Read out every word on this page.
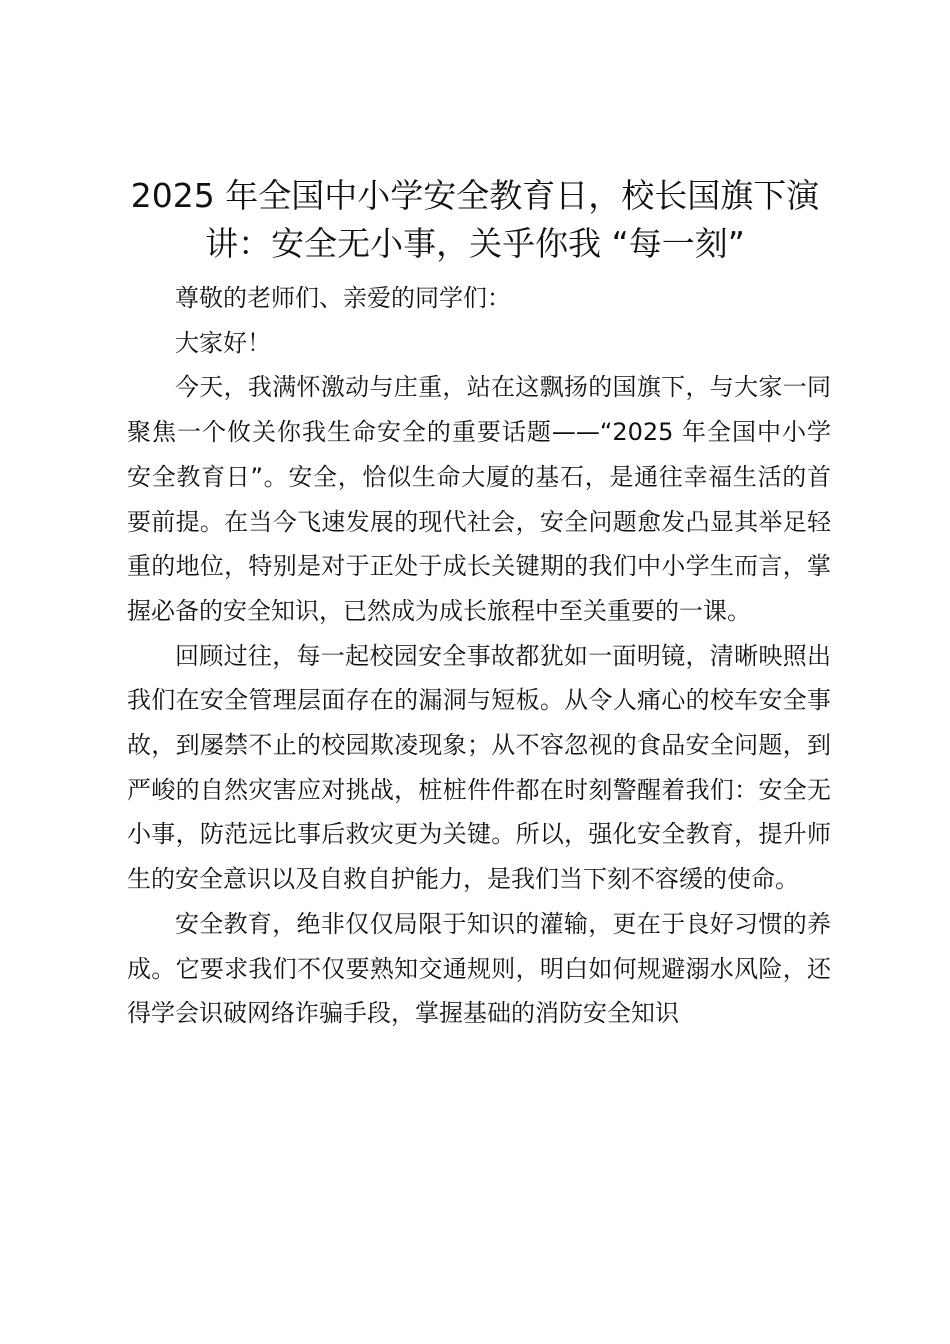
2025 年全国中小学安全教育日，校长国旗下演讲：安全无小事，关乎你我 “每一刻”

尊敬的老师们、亲爱的同学们：

大家好！

今天，我满怀激动与庄重，站在这飘扬的国旗下，与大家一同聚焦一个攸关你我生命安全的重要话题——“2025 年全国中小学安全教育日”。安全，恰似生命大厦的基石，是通往幸福生活的首要前提。在当今飞速发展的现代社会，安全问题愈发凸显其举足轻重的地位，特别是对于正处于成长关键期的我们中小学生而言，掌握必备的安全知识，已然成为成长旅程中至关重要的一课。

回顾过往，每一起校园安全事故都犹如一面明镜，清晰映照出我们在安全管理层面存在的漏洞与短板。从令人痛心的校车安全事故，到屡禁不止的校园欺凌现象；从不容忽视的食品安全问题，到严峻的自然灾害应对挑战，桩桩件件都在时刻警醒着我们：安全无小事，防范远比事后救灾更为关键。所以，强化安全教育，提升师生的安全意识以及自救自护能力，是我们当下刻不容缓的使命。

安全教育，绝非仅仅局限于知识的灌输，更在于良好习惯的养成。它要求我们不仅要熟知交通规则，明白如何规避溺水风险，还得学会识破网络诈骗手段，掌握基础的消防安全知识
